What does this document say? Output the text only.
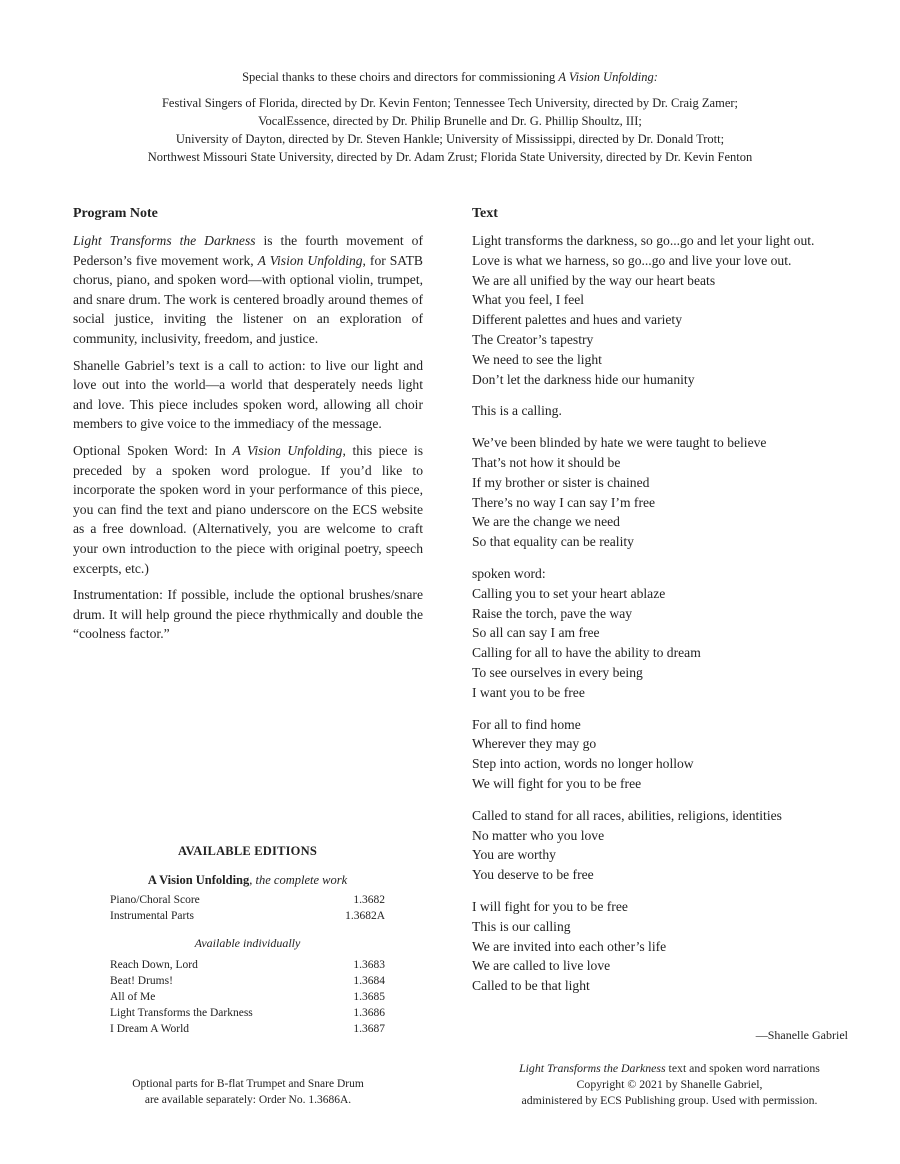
Special thanks to these choirs and directors for commissioning A Vision Unfolding:
Festival Singers of Florida, directed by Dr. Kevin Fenton; Tennessee Tech University, directed by Dr. Craig Zamer;
VocalEssence, directed by Dr. Philip Brunelle and Dr. G. Phillip Shoultz, III;
University of Dayton, directed by Dr. Steven Hankle; University of Mississippi, directed by Dr. Donald Trott;
Northwest Missouri State University, directed by Dr. Adam Zrust; Florida State University, directed by Dr. Kevin Fenton
Program Note

Light Transforms the Darkness is the fourth movement of Pederson’s five movement work, A Vision Unfolding, for SATB chorus, piano, and spoken word—with optional violin, trumpet, and snare drum. The work is centered broadly around themes of social justice, inviting the listener on an exploration of community, inclusivity, freedom, and justice.

Shanelle Gabriel’s text is a call to action: to live our light and love out into the world—a world that desperately needs light and love. This piece includes spoken word, allowing all choir members to give voice to the immediacy of the message.

Optional Spoken Word: In A Vision Unfolding, this piece is preceded by a spoken word prologue. If you’d like to incorporate the spoken word in your performance of this piece, you can find the text and piano underscore on the ECS website as a free download. (Alternatively, you are welcome to craft your own introduction to the piece with original poetry, speech excerpts, etc.)

Instrumentation: If possible, include the optional brushes/snare drum. It will help ground the piece rhythmically and double the “coolness factor.”

Text
Light transforms the darkness, so go...go and let your light out.
Love is what we harness, so go...go and live your love out.
We are all unified by the way our heart beats
What you feel, I feel
Different palettes and hues and variety
The Creator’s tapestry
We need to see the light
Don’t let the darkness hide our humanity
This is a calling.
We’ve been blinded by hate we were taught to believe
That’s not how it should be
If my brother or sister is chained
There’s no way I can say I’m free
We are the change we need
So that equality can be reality
spoken word:
Calling you to set your heart ablaze
Raise the torch, pave the way
So all can say I am free
Calling for all to have the ability to dream
To see ourselves in every being
I want you to be free
For all to find home
Wherever they may go
Step into action, words no longer hollow
We will fight for you to be free
Called to stand for all races, abilities, religions, identities
No matter who you love
You are worthy
You deserve to be free
I will fight for you to be free
This is our calling
We are invited into each other’s life
We are called to live love
Called to be that light
AVAILABLE EDITIONS
A Vision Unfolding, the complete work
Piano/Choral Score	1.3682
Instrumental Parts	1.3682A
Available individually
Reach Down, Lord	1.3683
Beat! Drums!	1.3684
All of Me	1.3685
Light Transforms the Darkness	1.3686
I Dream A World	1.3687
Optional parts for B-flat Trumpet and Snare Drum
are available separately: Order No. 1.3686A.
—Shanelle Gabriel
Light Transforms the Darkness text and spoken word narrations
Copyright © 2021 by Shanelle Gabriel,
administered by ECS Publishing group. Used with permission.
